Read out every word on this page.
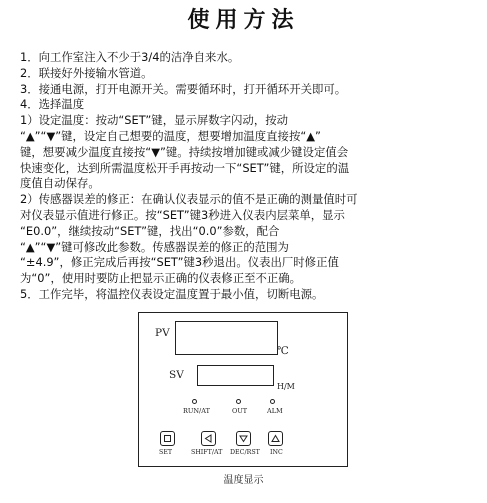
使用方法
1．向工作室注入不少于3/4的洁净自来水。
2．联接好外接输水管道。
3．接通电源，打开电源开关。需要循环时，打开循环开关即可。
4．选择温度
1）设定温度：按动“SET”键，显示屏数字闪动，按动
“▲”“▼”键，设定自己想要的温度，想要增加温度直接按“▲”
键，想要减少温度直接按“▼”键。持续按增加键或减少键设定值会
快速变化，达到所需温度松开手再按动一下“SET”键，所设定的温
度值自动保存。
2）传感器误差的修正：在确认仪表显示的值不是正确的测量值时可
对仪表显示值进行修正。按“SET”键3秒进入仪表内层菜单，显示
“E0.0”，继续按动“SET”键，找出“0.0”参数，配合
“▲”“▼”键可修改此参数。传感器误差的修正的范围为
“±4.9”，修正完成后再按“SET”键3秒退出。仪表出厂时修正值
为“0”，使用时要防止把显示正确的仪表修正至不正确。
5．工作完毕，将温控仪表设定温度置于最小值，切断电源。
PV
℃
SV
H/M
RUN/AT	OUT	ALM
SET	SHIFT/AT DEC/RST INC
温度显示
